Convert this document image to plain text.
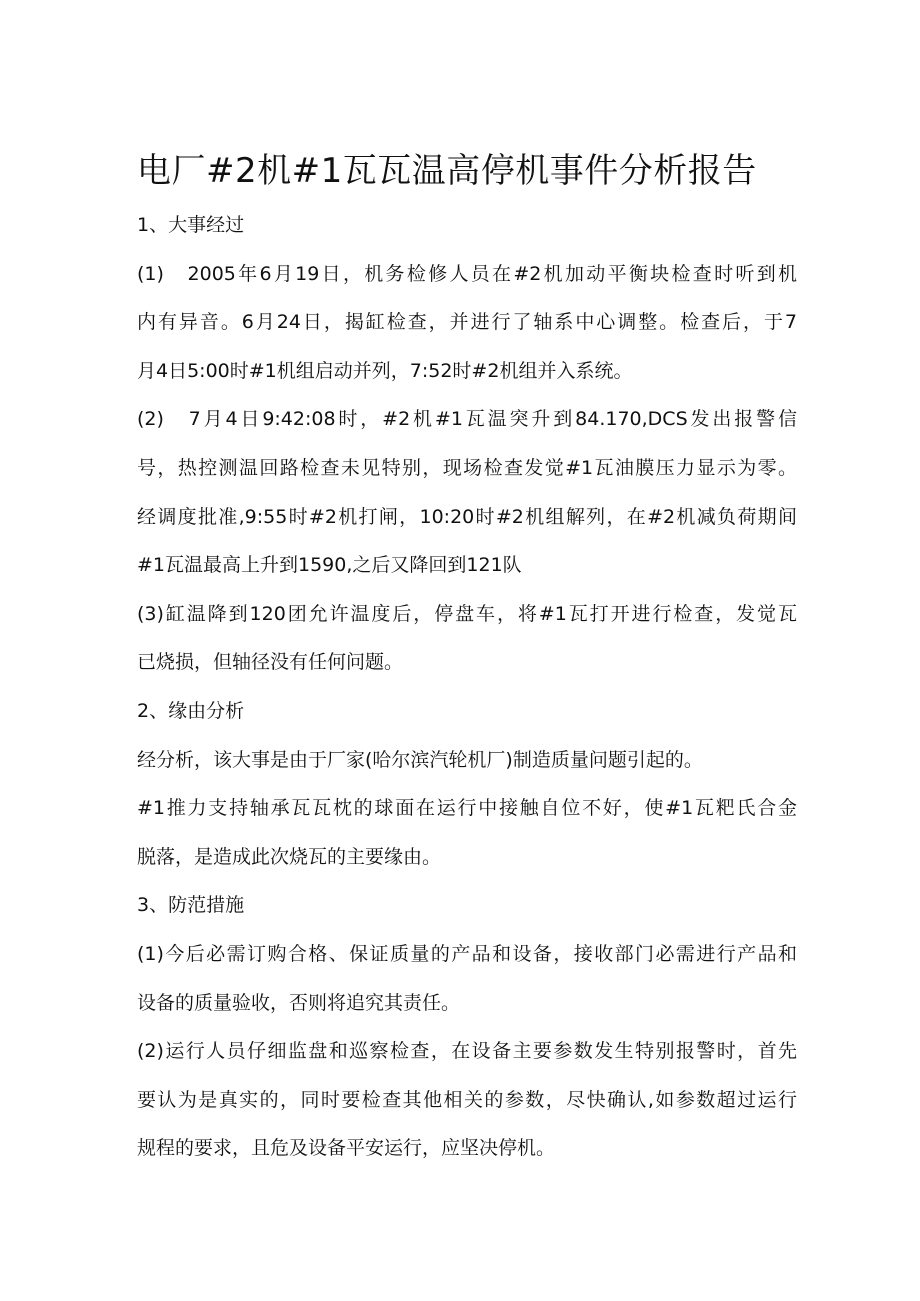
电厂#2机#1瓦瓦温高停机事件分析报告
1、大事经过
(1)　2005年6月19日，机务检修人员在#2机加动平衡块检查时听到机
内有异音。6月24日，揭缸检查，并进行了轴系中心调整。检查后，于7
月4日5:00时#1机组启动并列，7:52时#2机组并入系统。
(2)　7月4日9:42:08时，#2机#1瓦温突升到84.170,DCS发出报警信
号，热控测温回路检查未见特别，现场检查发觉#1瓦油膜压力显示为零。
经调度批准,9:55时#2机打闸，10:20时#2机组解列，在#2机减负荷期间
#1瓦温最高上升到1590,之后又降回到121队
(3)缸温降到120团允许温度后，停盘车，将#1瓦打开进行检查，发觉瓦
已烧损，但轴径没有任何问题。
2、缘由分析
经分析，该大事是由于厂家(哈尔滨汽轮机厂)制造质量问题引起的。
#1推力支持轴承瓦瓦枕的球面在运行中接触自位不好，使#1瓦粑氏合金
脱落，是造成此次烧瓦的主要缘由。
3、防范措施
(1)今后必需订购合格、保证质量的产品和设备，接收部门必需进行产品和
设备的质量验收，否则将追究其责任。
(2)运行人员仔细监盘和巡察检查，在设备主要参数发生特别报警时，首先
要认为是真实的，同时要检查其他相关的参数，尽快确认,如参数超过运行
规程的要求，且危及设备平安运行，应坚决停机。
